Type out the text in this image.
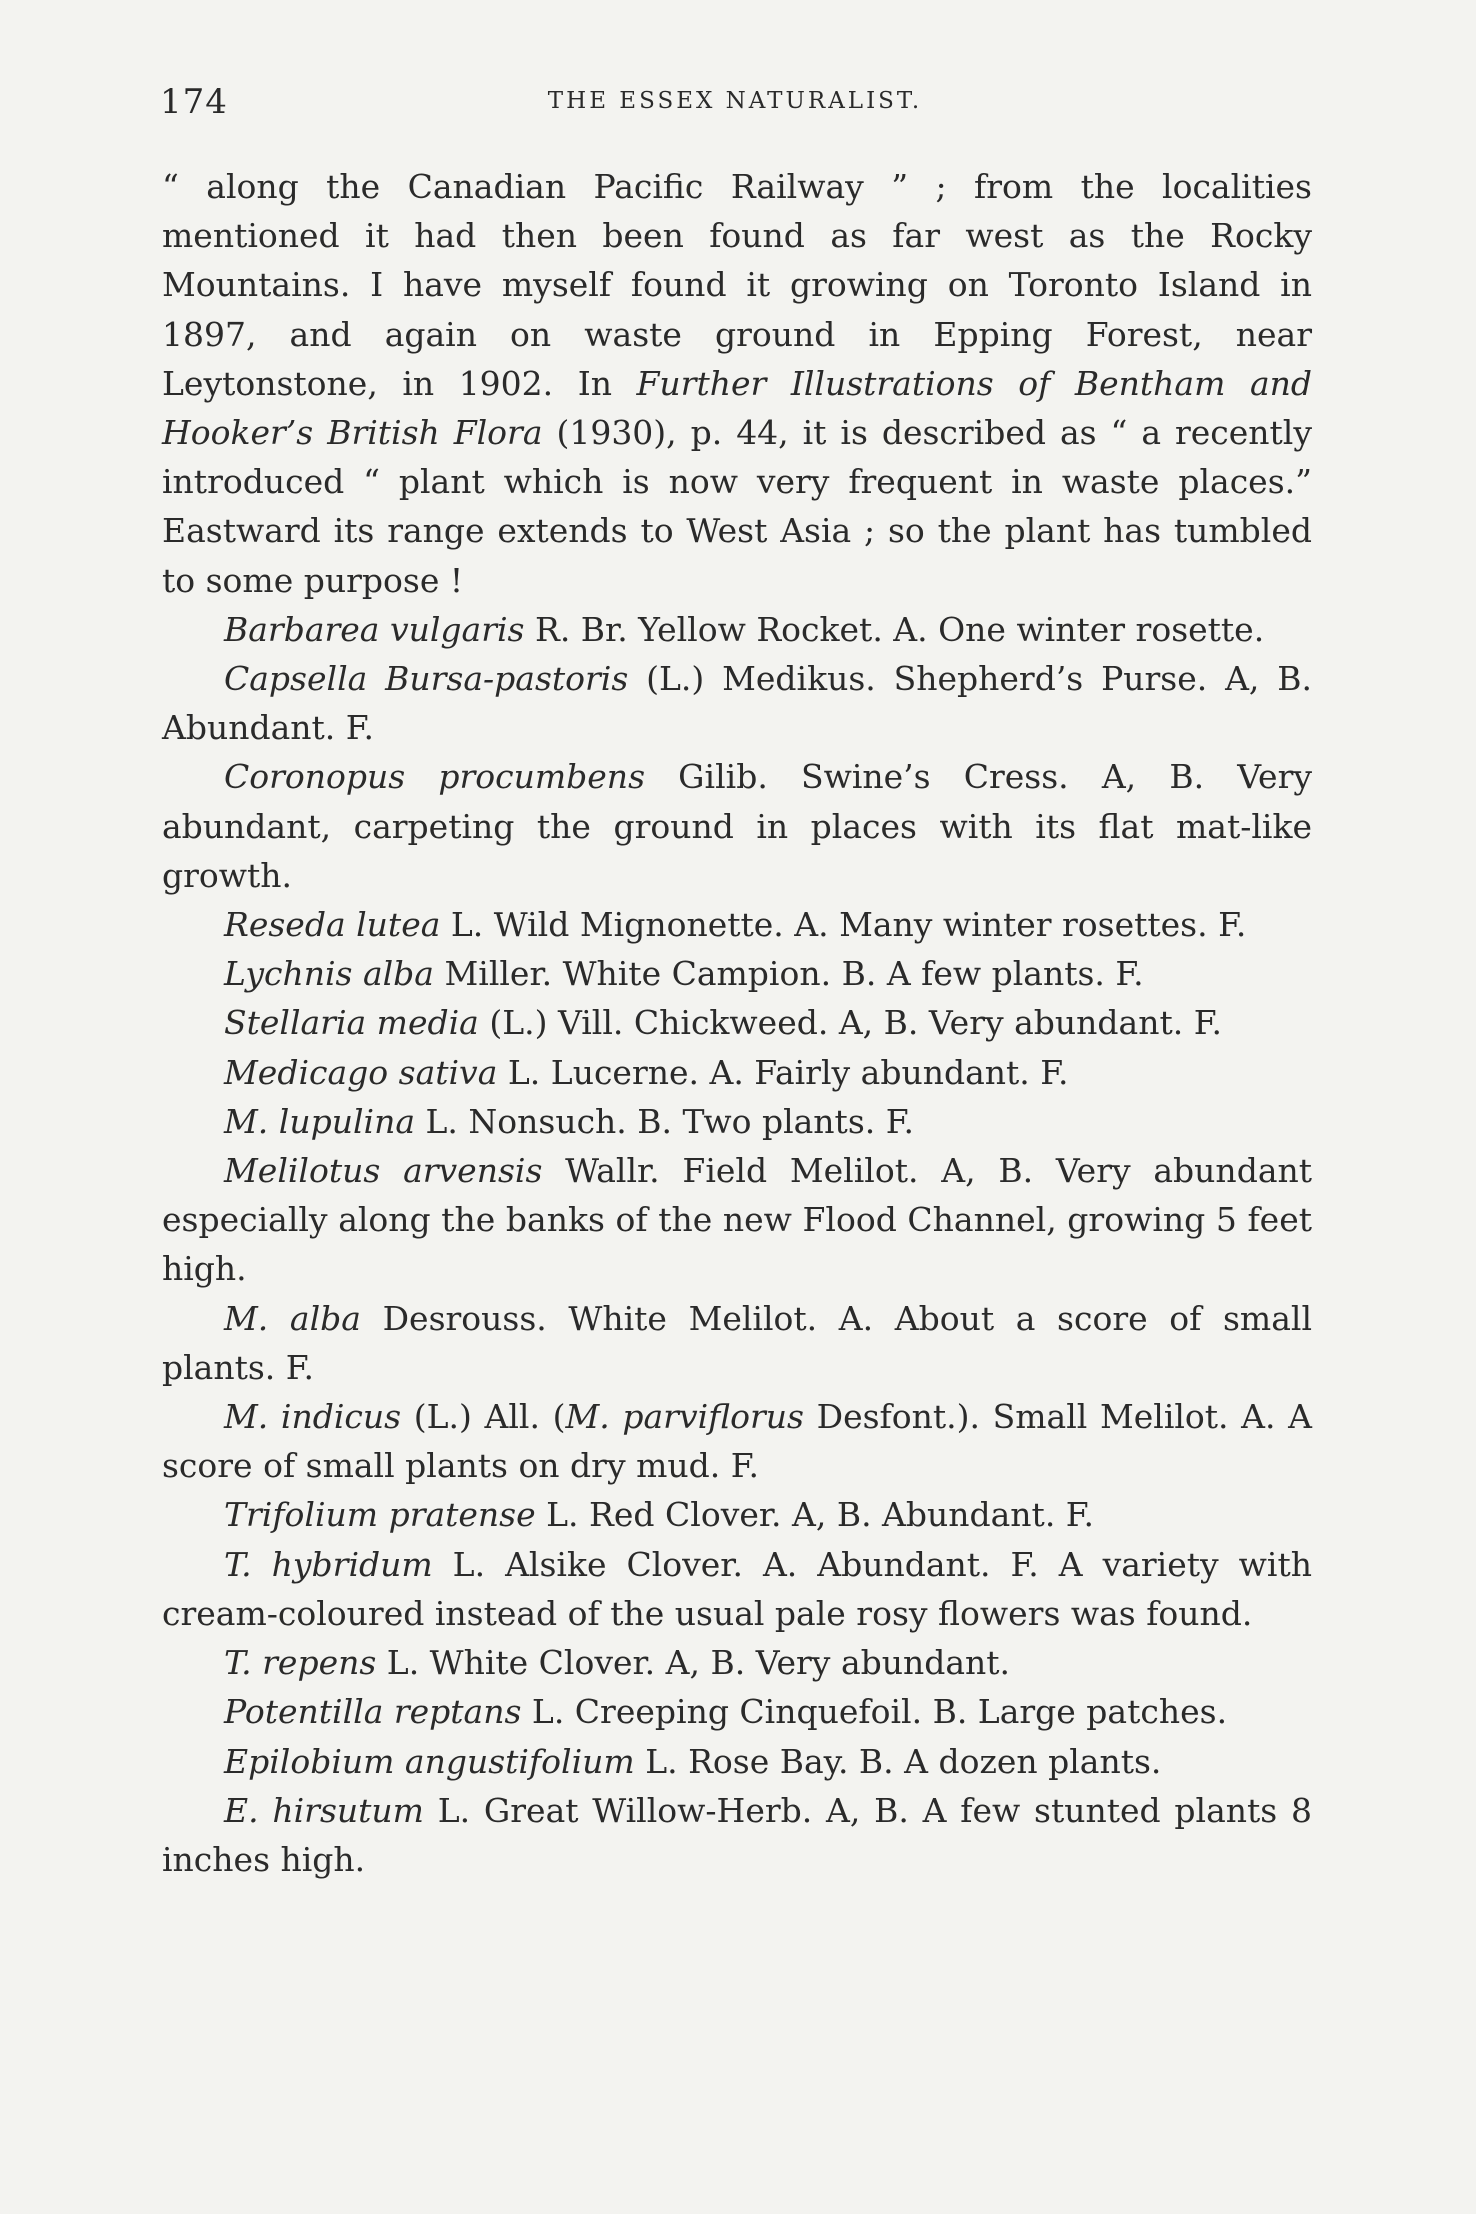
174	THE ESSEX NATURALIST.

“ along the Canadian Pacific Railway ” ; from the localities mentioned it had then been found as far west as the Rocky Mountains. I have myself found it growing on Toronto Island in 1897, and again on waste ground in Epping Forest, near Leytonstone, in 1902. In Further Illustrations of Bentham and Hooker’s British Flora (1930), p. 44, it is described as “ a recently introduced “ plant which is now very frequent in waste places.” Eastward its range extends to West Asia ; so the plant has tumbled to some purpose !

Barbarea vulgaris R. Br. Yellow Rocket. A. One winter rosette.

Capsella Bursa-pastoris (L.) Medikus. Shepherd’s Purse. A, B. Abundant. F.

Coronopus procumbens Gilib. Swine’s Cress. A, B. Very abundant, carpeting the ground in places with its flat mat-like growth.

Reseda lutea L. Wild Mignonette. A. Many winter rosettes. F.

Lychnis alba Miller. White Campion. B. A few plants. F.

Stellaria media (L.) Vill. Chickweed. A, B. Very abundant. F.

Medicago sativa L. Lucerne. A. Fairly abundant. F.

M. lupulina L. Nonsuch. B. Two plants. F.

Melilotus arvensis Wallr. Field Melilot. A, B. Very abundant especially along the banks of the new Flood Channel, growing 5 feet high.

M. alba Desrouss. White Melilot. A. About a score of small plants. F.

M. indicus (L.) All. (M. parviflorus Desfont.). Small Melilot. A. A score of small plants on dry mud. F.

Trifolium pratense L. Red Clover. A, B. Abundant. F.

T. hybridum L. Alsike Clover. A. Abundant. F. A variety with cream-coloured instead of the usual pale rosy flowers was found.

T. repens L. White Clover. A, B. Very abundant.

Potentilla reptans L. Creeping Cinquefoil. B. Large patches.

Epilobium angustifolium L. Rose Bay. B. A dozen plants.

E. hirsutum L. Great Willow-Herb. A, B. A few stunted plants 8 inches high.
